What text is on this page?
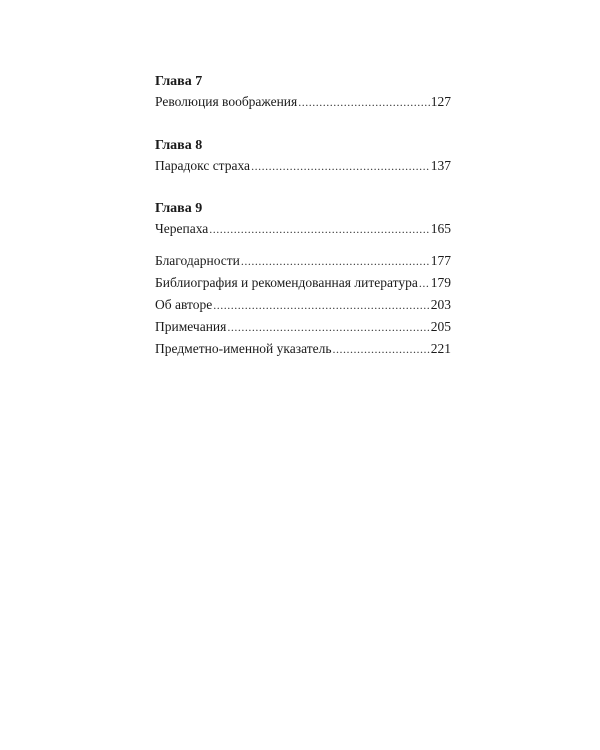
Глава 7
Революция воображения .....	127
Глава 8
Парадокс страха .....	137
Глава 9
Черепаха .....	165
Благодарности .....	177
Библиография и рекомендованная литература ..... 179
Об авторе .....	203
Примечания .....	205
Предметно-именной указатель .....	221
